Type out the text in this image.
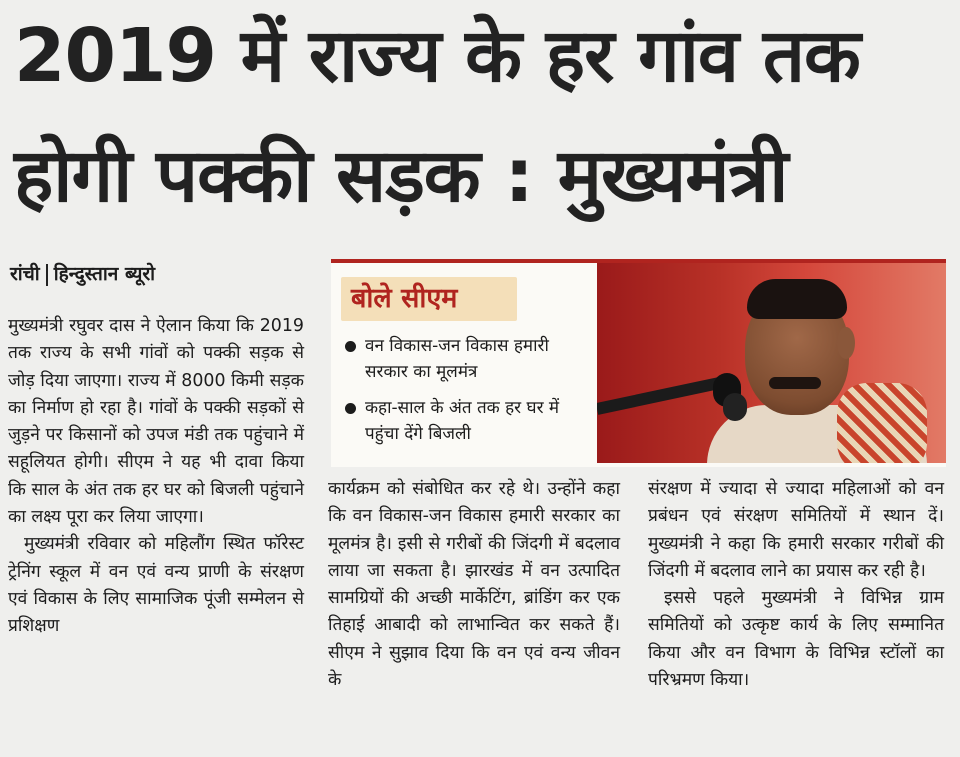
2019 में राज्य के हर गांव तक
होगी पक्की सड़क : मुख्यमंत्री
रांची हिन्दुस्तान ब्यूरो

मुख्यमंत्री रघुवर दास ने ऐलान किया कि 2019 तक राज्य के सभी गांवों को पक्की सड़क से जोड़ दिया जाएगा। राज्य में 8000 किमी सड़क का निर्माण हो रहा है। गांवों के पक्की सड़कों से जुड़ने पर किसानों को उपज मंडी तक पहुंचाने में सहूलियत होगी। सीएम ने यह भी दावा किया कि साल के अंत तक हर घर को बिजली पहुंचाने का लक्ष्य पूरा कर लिया जाएगा।

मुख्यमंत्री रविवार को महिलौंग स्थित फॉरेस्ट ट्रेनिंग स्कूल में वन एवं वन्य प्राणी के संरक्षण एवं विकास के लिए सामाजिक पूंजी सम्मेलन से प्रशिक्षण

बोले सीएम
वन विकास-जन विकास हमारी सरकार का मूलमंत्र
कहा-साल के अंत तक हर घर में पहुंचा देंगे बिजली

कार्यक्रम को संबोधित कर रहे थे। उन्होंने कहा कि वन विकास-जन विकास हमारी सरकार का मूलमंत्र है। इसी से गरीबों की जिंदगी में बदलाव लाया जा सकता है। झारखंड में वन उत्पादित सामग्रियों की अच्छी मार्केटिंग, ब्रांडिंग कर एक तिहाई आबादी को लाभान्वित कर सकते हैं। सीएम ने सुझाव दिया कि वन एवं वन्य जीवन के

संरक्षण में ज्यादा से ज्यादा महिलाओं को वन प्रबंधन एवं संरक्षण समितियों में स्थान दें। मुख्यमंत्री ने कहा कि हमारी सरकार गरीबों की जिंदगी में बदलाव लाने का प्रयास कर रही है।

इससे पहले मुख्यमंत्री ने विभिन्न ग्राम समितियों को उत्कृष्ट कार्य के लिए सम्मानित किया और वन विभाग के विभिन्न स्टॉलों का परिभ्रमण किया।
